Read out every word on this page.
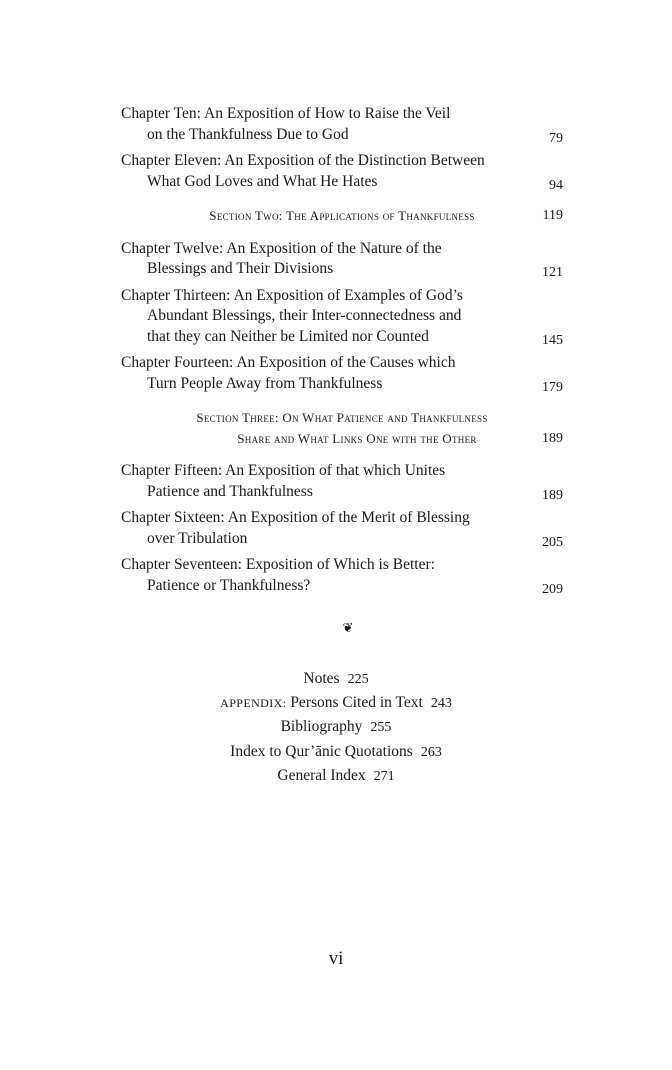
Chapter Ten: An Exposition of How to Raise the Veil
on the Thankfulness Due to God	79
Chapter Eleven: An Exposition of the Distinction Between
What God Loves and What He Hates	94
Section Two: The Applications of Thankfulness	119
Chapter Twelve: An Exposition of the Nature of the
Blessings and Their Divisions	121
Chapter Thirteen: An Exposition of Examples of God’s
Abundant Blessings, their Inter-connectedness and
that they can Neither be Limited nor Counted	145
Chapter Fourteen: An Exposition of the Causes which
Turn People Away from Thankfulness	179
Section Three: On What Patience and Thankfulness
Share and What Links One with the Other	189
Chapter Fifteen: An Exposition of that which Unites
Patience and Thankfulness	189
Chapter Sixteen: An Exposition of the Merit of Blessing
over Tribulation	205
Chapter Seventeen: Exposition of Which is Better:
Patience or Thankfulness?	209
❦
Notes 225
APPENDIX: Persons Cited in Text 243
Bibliography 255
Index to Qur’ānic Quotations 263
General Index 271
vi
